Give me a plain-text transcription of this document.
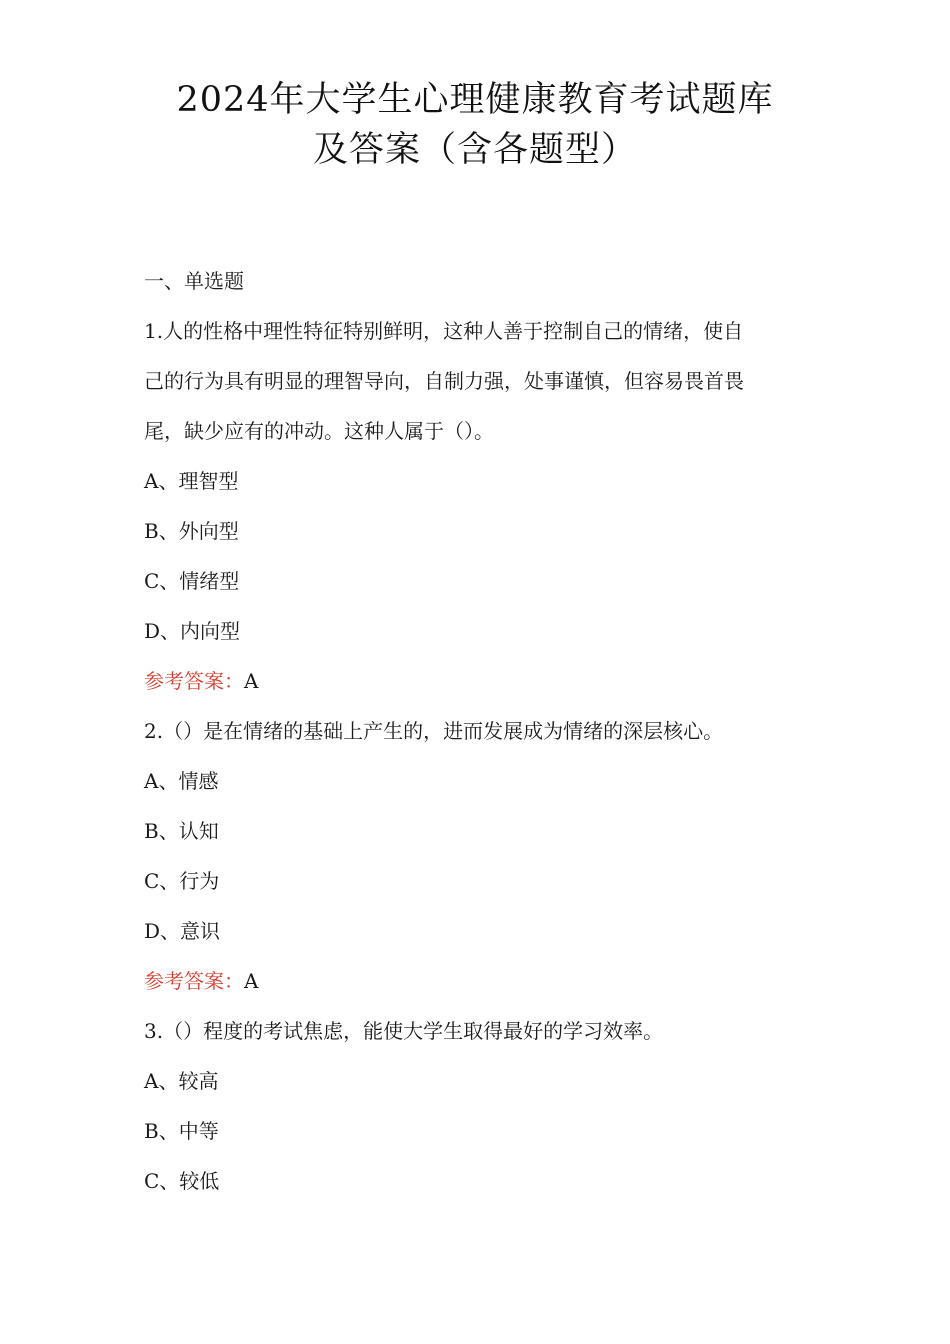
2024年大学生心理健康教育考试题库
及答案（含各题型）
一、单选题
1.人的性格中理性特征特别鲜明，这种人善于控制自己的情绪，使自
己的行为具有明显的理智导向，自制力强，处事谨慎，但容易畏首畏
尾，缺少应有的冲动。这种人属于（）。
A、理智型
B、外向型
C、情绪型
D、内向型
参考答案：A
2.（）是在情绪的基础上产生的，进而发展成为情绪的深层核心。
A、情感
B、认知
C、行为
D、意识
参考答案：A
3.（）程度的考试焦虑，能使大学生取得最好的学习效率。
A、较高
B、中等
C、较低
